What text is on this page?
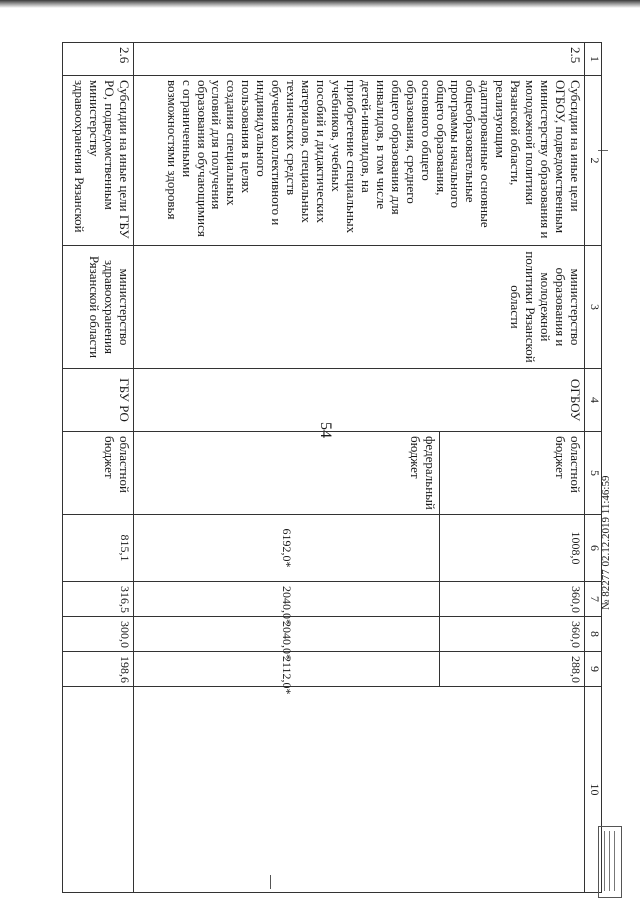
54
1	2	3	4	5	6	7	8	9	10
2.5	Субсидии на иные цели ОГБОУ, подведомственным министерству образования и молодежной политики Рязанской области, реализующим адаптированные основные общеобразовательные программы начального общего образования, основного общего образования, среднего общего образования для инвалидов, в том числе детей-инвалидов, на приобретение специальных учебников, учебных пособий и дидактических материалов, специальных технических средств обучения коллективного и индивидуального пользования в целях создания специальных условий для получения образования обучающимися с ограниченными возможностями здоровья	министерство образования и молодежной политики Рязанской области	ОГБОУ	областной бюджет	1008,0	360,0	360,0	288,0	
				федеральный бюджет	6192,0*	2040,0*	2040,0*	2112,0*	
2.6	Субсидии на иные цели ГБУ РО, подведомственным министерству здравоохранения Рязанской	министерство здравоохранения Рязанской области	ГБУ РО	областной бюджет	815,1	316,5	300,0	198,6	
№ 82277 02.12.2019 11:46:59
